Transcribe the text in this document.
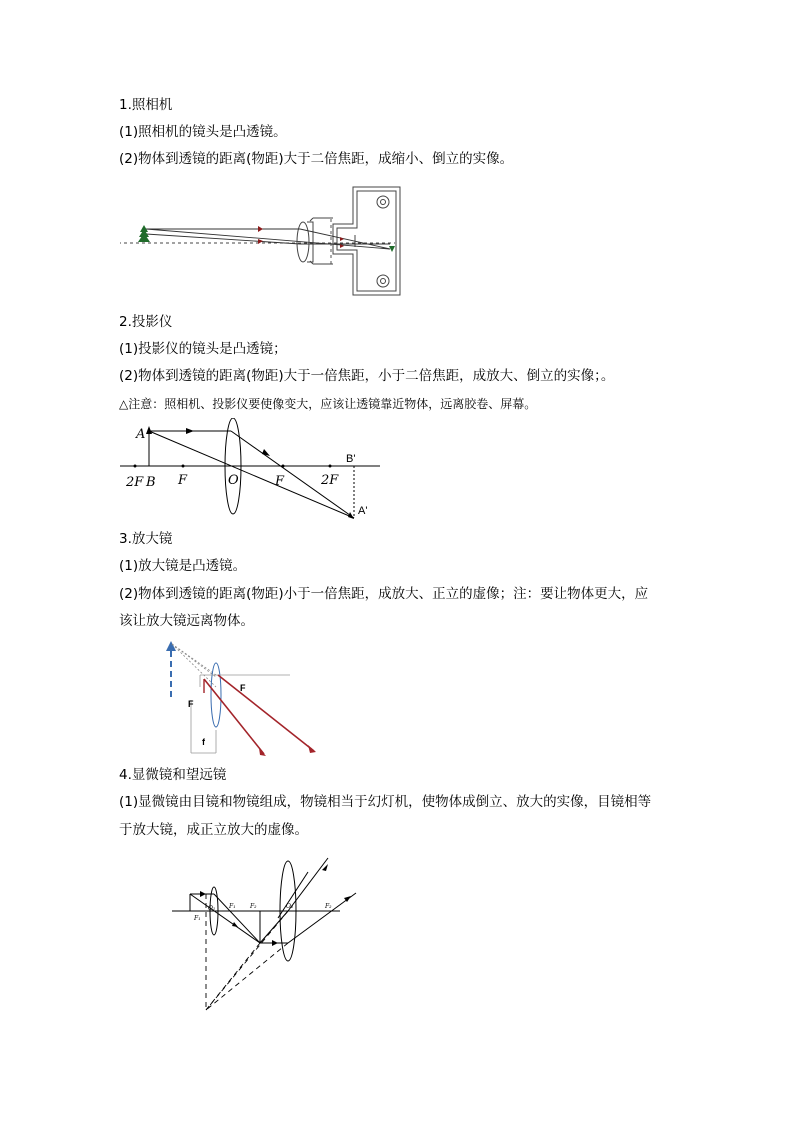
1.照相机
(1)照相机的镜头是凸透镜。
(2)物体到透镜的距离(物距)大于二倍焦距，成缩小、倒立的实像。
2.投影仪
(1)投影仪的镜头是凸透镜；
(2)物体到透镜的距离(物距)大于一倍焦距，小于二倍焦距，成放大、倒立的实像；。
△注意：照相机、投影仪要使像变大，应该让透镜靠近物体，远离胶卷、屏幕。
A
B'
2F B F	O	F	2F
A'
3.放大镜
(1)放大镜是凸透镜。
(2)物体到透镜的距离(物距)小于一倍焦距，成放大、正立的虚像；注：要让物体更大，应
该让放大镜远离物体。
F
F
f
4.显微镜和望远镜
(1)显微镜由目镜和物镜组成，物镜相当于幻灯机，使物体成倒立、放大的实像，目镜相等
于放大镜，成正立放大的虚像。
O₁
F₁
F₁ F₂	O₂	F₂
